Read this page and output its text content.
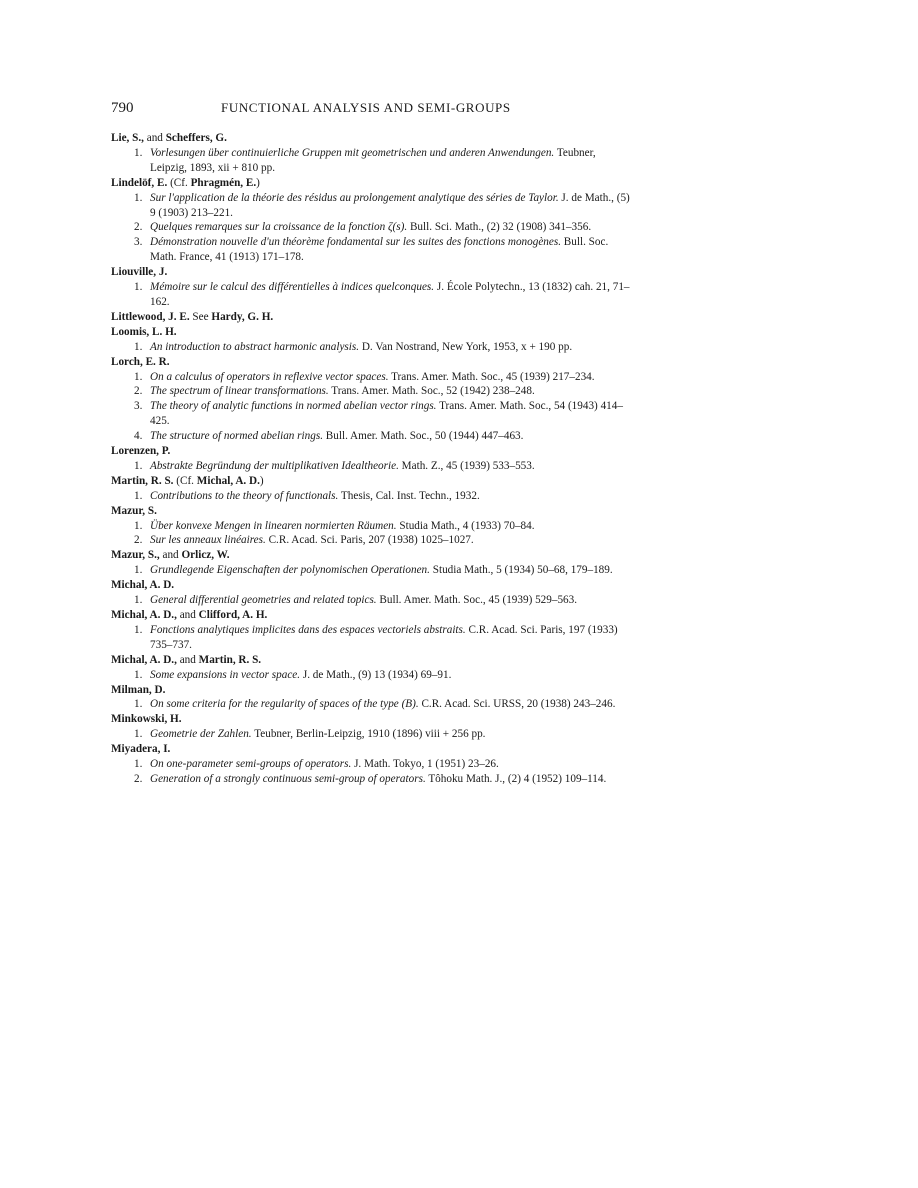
790	FUNCTIONAL ANALYSIS AND SEMI-GROUPS

Lie, S., and Scheffers, G.

1. Vorlesungen über continuierliche Gruppen mit geometrischen und anderen Anwendungen. Teubner, Leipzig, 1893, xii + 810 pp.

Lindelöf, E. (Cf. Phragmén, E.)

1. Sur l'application de la théorie des résidus au prolongement analytique des séries de Taylor. J. de Math., (5) 9 (1903) 213–221.

2. Quelques remarques sur la croissance de la fonction ζ(s). Bull. Sci. Math., (2) 32 (1908) 341–356.

3. Démonstration nouvelle d'un théorème fondamental sur les suites des fonctions monogènes. Bull. Soc. Math. France, 41 (1913) 171–178.

Liouville, J.

1. Mémoire sur le calcul des différentielles à indices quelconques. J. École Polytechn., 13 (1832) cah. 21, 71–162.

Littlewood, J. E. See Hardy, G. H.

Loomis, L. H.

1. An introduction to abstract harmonic analysis. D. Van Nostrand, New York, 1953, x + 190 pp.

Lorch, E. R.

1. On a calculus of operators in reflexive vector spaces. Trans. Amer. Math. Soc., 45 (1939) 217–234.

2. The spectrum of linear transformations. Trans. Amer. Math. Soc., 52 (1942) 238–248.

3. The theory of analytic functions in normed abelian vector rings. Trans. Amer. Math. Soc., 54 (1943) 414–425.

4. The structure of normed abelian rings. Bull. Amer. Math. Soc., 50 (1944) 447–463.

Lorenzen, P.

1. Abstrakte Begründung der multiplikativen Idealtheorie. Math. Z., 45 (1939) 533–553.

Martin, R. S. (Cf. Michal, A. D.)

1. Contributions to the theory of functionals. Thesis, Cal. Inst. Techn., 1932.

Mazur, S.

1. Über konvexe Mengen in linearen normierten Räumen. Studia Math., 4 (1933) 70–84.

2. Sur les anneaux linéaires. C.R. Acad. Sci. Paris, 207 (1938) 1025–1027.

Mazur, S., and Orlicz, W.

1. Grundlegende Eigenschaften der polynomischen Operationen. Studia Math., 5 (1934) 50–68, 179–189.

Michal, A. D.

1. General differential geometries and related topics. Bull. Amer. Math. Soc., 45 (1939) 529–563.

Michal, A. D., and Clifford, A. H.

1. Fonctions analytiques implicites dans des espaces vectoriels abstraits. C.R. Acad. Sci. Paris, 197 (1933) 735–737.

Michal, A. D., and Martin, R. S.

1. Some expansions in vector space. J. de Math., (9) 13 (1934) 69–91.

Milman, D.

1. On some criteria for the regularity of spaces of the type (B). C.R. Acad. Sci. URSS, 20 (1938) 243–246.

Minkowski, H.

1. Geometrie der Zahlen. Teubner, Berlin-Leipzig, 1910 (1896) viii + 256 pp.

Miyadera, I.

1. On one-parameter semi-groups of operators. J. Math. Tokyo, 1 (1951) 23–26.

2. Generation of a strongly continuous semi-group of operators. Tôhoku Math. J., (2) 4 (1952) 109–114.
